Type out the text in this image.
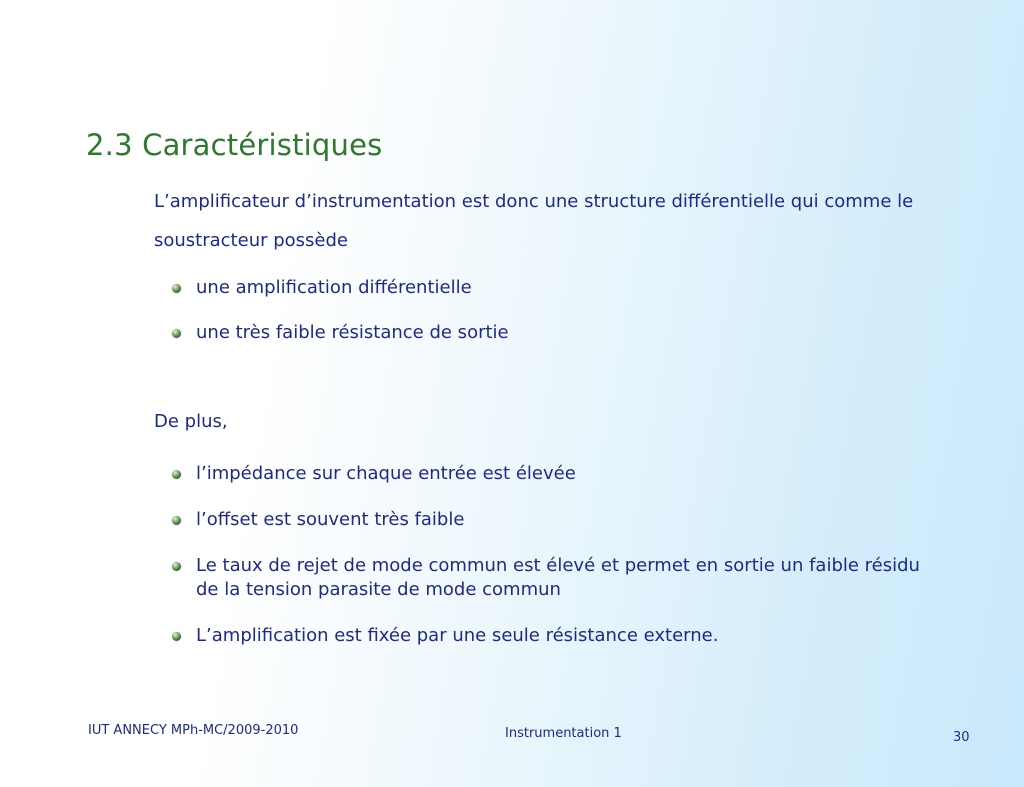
2.3 Caractéristiques

L’amplificateur d’instrumentation est donc une structure différentielle qui comme le soustracteur possède

une amplification différentielle
une très faible résistance de sortie

De plus,

l’impédance sur chaque entrée est élevée
l’offset est souvent très faible
Le taux de rejet de mode commun est élevé et permet en sortie un faible résidu de la tension parasite de mode commun
L’amplification est fixée par une seule résistance externe.
IUT ANNECY MPh-MC/2009-2010	Instrumentation 1	30
